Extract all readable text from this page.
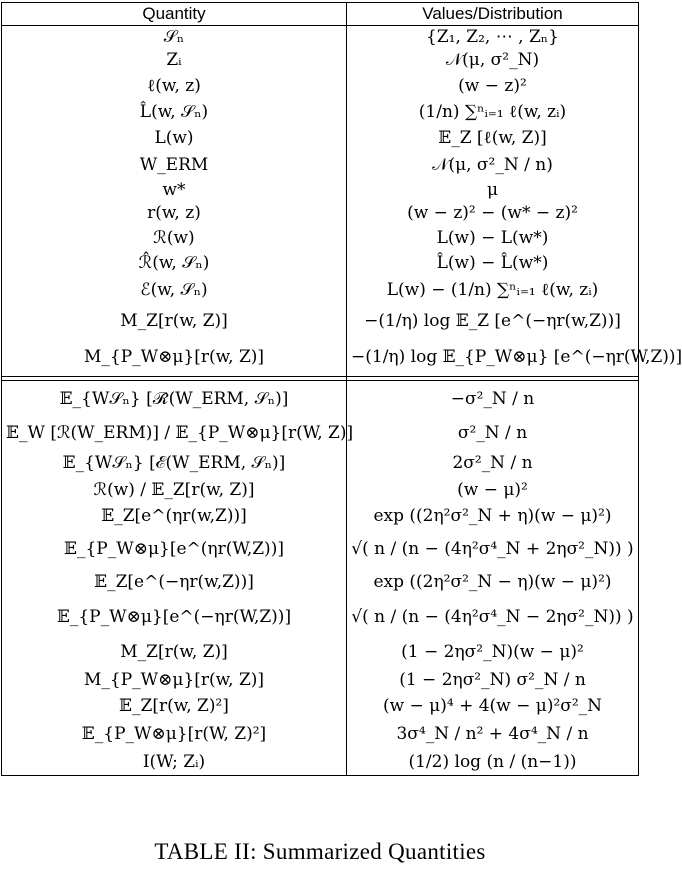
Quantity	Values/Distribution
𝒮ₙ	{Z₁, Z₂, ⋯ , Zₙ}
Zᵢ	𝒩(μ, σ²_N)
ℓ(w, z)	(w − z)²
L̂(w, 𝒮ₙ)	(1/n) ∑ⁿᵢ₌₁ ℓ(w, zᵢ)
L(w)	𝔼_Z [ℓ(w, Z)]
W_ERM	𝒩(μ, σ²_N / n)
w*	μ
r(w, z)	(w − z)² − (w* − z)²
ℛ(w)	L(w) − L(w*)
ℛ̂(w, 𝒮ₙ)	L̂(w) − L̂(w*)
ℰ(w, 𝒮ₙ)	L(w) − (1/n) ∑ⁿᵢ₌₁ ℓ(w, zᵢ)
M_Z[r(w, Z)]	−(1/η) log 𝔼_Z [e^(−ηr(w,Z))]
M_{P_W⊗μ}[r(w, Z)]	−(1/η) log 𝔼_{P_W⊗μ} [e^(−ηr(W,Z))]

𝔼_{W𝒮ₙ} [ℛ̂(W_ERM, 𝒮ₙ)]	−σ²_N / n
𝔼_W [ℛ(W_ERM)] / 𝔼_{P_W⊗μ}[r(W, Z)]	σ²_N / n
𝔼_{W𝒮ₙ} [ℰ(W_ERM, 𝒮ₙ)]	2σ²_N / n
ℛ(w) / 𝔼_Z[r(w, Z)]	(w − μ)²
𝔼_Z[e^(ηr(w,Z))]	exp ((2η²σ²_N + η)(w − μ)²)
𝔼_{P_W⊗μ}[e^(ηr(W,Z))]	√( n / (n − (4η²σ⁴_N + 2ησ²_N)) )
𝔼_Z[e^(−ηr(w,Z))]	exp ((2η²σ²_N − η)(w − μ)²)
𝔼_{P_W⊗μ}[e^(−ηr(W,Z))]	√( n / (n − (4η²σ⁴_N − 2ησ²_N)) )
M_Z[r(w, Z)]	(1 − 2ησ²_N)(w − μ)²
M_{P_W⊗μ}[r(w, Z)]	(1 − 2ησ²_N) σ²_N / n
𝔼_Z[r(w, Z)²]	(w − μ)⁴ + 4(w − μ)²σ²_N
𝔼_{P_W⊗μ}[r(W, Z)²]	3σ⁴_N / n² + 4σ⁴_N / n
I(W; Zᵢ)	(1/2) log (n / (n−1))
TABLE II: Summarized Quantities
